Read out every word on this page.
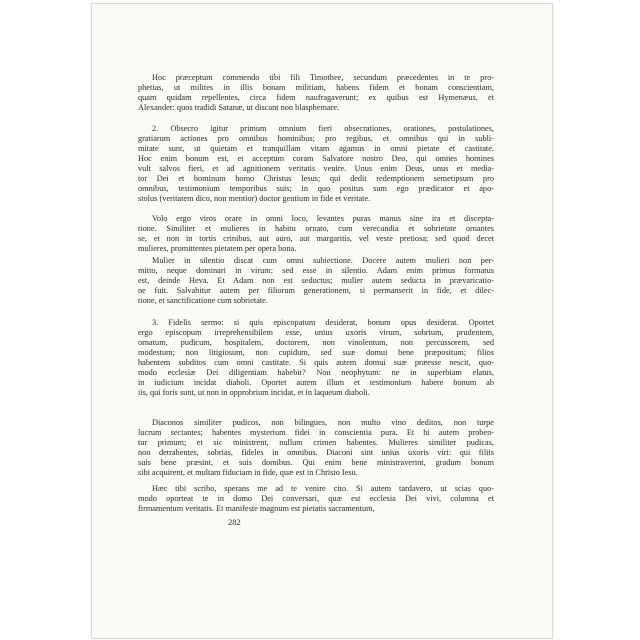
Hoc præceptum commendo tibi fili Timothee, secundum præcedentes in te pro-
phetias, ut milites in illis bonam militiam, habens fidem et bonam conscientiam,
quam quidam repellentes, circa fidem naufragaverunt; ex quibus est Hymenæus, et
Alexander: quos tradidi Satanæ, ut discant non blasphemare.
2. Obsecro igitur primum omnium fieri obsecrationes, orationes, postulationes,
gratiarum actiones pro omnibus hominibus; pro regibus, et omnibus qui in subli-
mitate sunt, ut quietam et tranquillam vitam agamus in omni pietate et castitate.
Hoc enim bonum est, et acceptum coram Salvatore nostro Deo, qui omnes homines
vult salvos fieri, et ad agnitionem veritatis venire. Unus enim Deus, unus et media-
tor Dei et hominum homo Christus Iesus; qui dedit redemptionem semetipsum pro
omnibus, testimonium temporibus suis; in quo positus sum ego prædicator et apo-
stolus (veritatem dico, non mentior) doctor gentium in fide et veritate.
Volo ergo viros orare in omni loco, levantes puras manus sine ira et discepta-
tione. Similiter et mulieres in habitu ornato, cum verecundia et sobrietate ornantes
se, et non in tortis crinibus, aut auro, aut margaritis, vel veste pretiosa; sed quod decet
mulieres, promittentes pietatem per opera bona.
Mulier in silentio discat cum omni subiectione. Docere autem mulieri non per-
mitto, neque dominari in virum: sed esse in silentio. Adam enim primus formatus
est, deinde Heva. Et Adam non est seductus; mulier autem seducta in prævaricatio-
ne fuit. Salvabitur autem per filiorum generationem, si permanserit in fide, et dilec-
tione, et sanctificatione cum sobrietate.
3. Fidelis sermo: si quis episcopatum desiderat, bonum opus desiderat. Oportet
ergo episcopum irreprehensibilem esse, unius uxoris virum, sobrium, prudentem,
ornatum, pudicum, hospitalem, doctorem, non vinolentum, non percussorem, sed
modestum; non litigiosum, non cupidum, sed suæ domui bene præpositum; filios
habentem subditos cum omni castitate. Si quis autem domui suæ præesse nescit, quo-
modo ecclesiæ Dei diligentiam habebit? Non neophytum: ne in superbiam elatus,
in iudicium incidat diaboli. Oportet autem illum et testimonium habere bonum ab
iis, qui foris sunt, ut non in opprobrium incidat, et in laqueum diaboli.
Diaconos similiter pudicos, non bilingues, non multo vino deditos, non turpe
lucrum sectantes; habentes mysterium fidei in conscientia pura. Et hi autem proben-
tur primum; et sic ministrent, nullum crimen habentes. Mulieres similiter pudicas,
non detrahentes, sobrias, fideles in omnibus. Diaconi sint unius uxoris viri: qui filiis
suis bene præsint, et suis domibus. Qui enim bene ministraverint, gradum bonum
sibi acquirent, et multam fiduciam in fide, quæ est in Christo Iesu.
Hæc tibi scribo, sperans me ad te venire cito. Si autem tardavero, ut scias quo-
modo oporteat te in domo Dei conversari, quæ est ecclesia Dei vivi, columna et
firmamentum veritatis. Et manifeste magnum est pietatis sacramentum,
282
